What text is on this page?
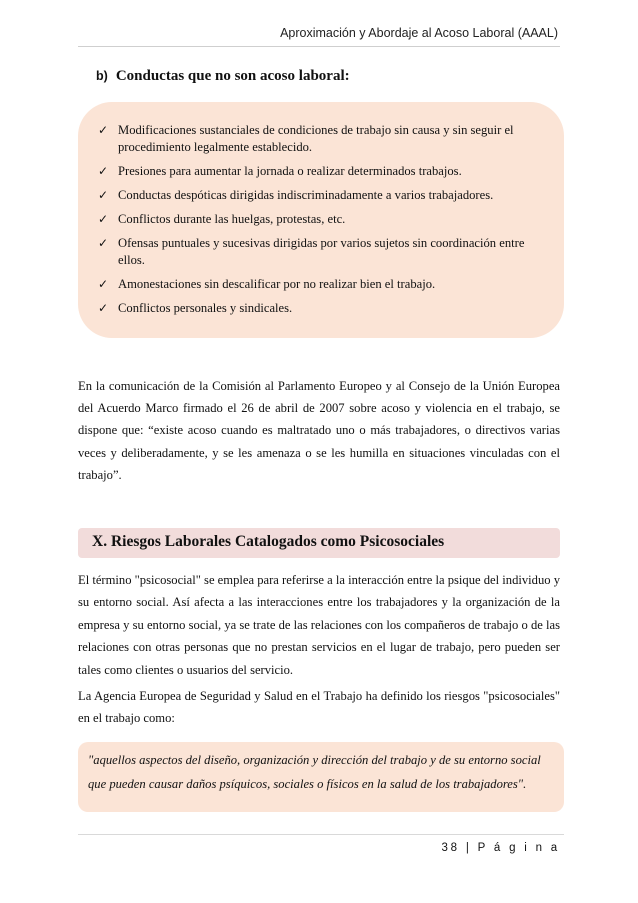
Aproximación y Abordaje al Acoso Laboral (AAAL)
b) Conductas que no son acoso laboral:
✓ Modificaciones sustanciales de condiciones de trabajo sin causa y sin seguir el procedimiento legalmente establecido.
✓ Presiones para aumentar la jornada o realizar determinados trabajos.
✓ Conductas despóticas dirigidas indiscriminadamente a varios trabajadores.
✓ Conflictos durante las huelgas, protestas, etc.
✓ Ofensas puntuales y sucesivas dirigidas por varios sujetos sin coordinación entre ellos.
✓ Amonestaciones sin descalificar por no realizar bien el trabajo.
✓ Conflictos personales y sindicales.

En la comunicación de la Comisión al Parlamento Europeo y al Consejo de la Unión Europea del Acuerdo Marco firmado el 26 de abril de 2007 sobre acoso y violencia en el trabajo, se dispone que: “existe acoso cuando es maltratado uno o más trabajadores, o directivos varias veces y deliberadamente, y se les amenaza o se les humilla en situaciones vinculadas con el trabajo”.

X. Riesgos Laborales Catalogados como Psicosociales

El término "psicosocial" se emplea para referirse a la interacción entre la psique del individuo y su entorno social. Así afecta a las interacciones entre los trabajadores y la organización de la empresa y su entorno social, ya se trate de las relaciones con los compañeros de trabajo o de las relaciones con otras personas que no prestan servicios en el lugar de trabajo, pero pueden ser tales como clientes o usuarios del servicio.

La Agencia Europea de Seguridad y Salud en el Trabajo ha definido los riesgos "psicosociales" en el trabajo como:

"aquellos aspectos del diseño, organización y dirección del trabajo y de su entorno social que pueden causar daños psíquicos, sociales o físicos en la salud de los trabajadores".

38 | P á g i n a
